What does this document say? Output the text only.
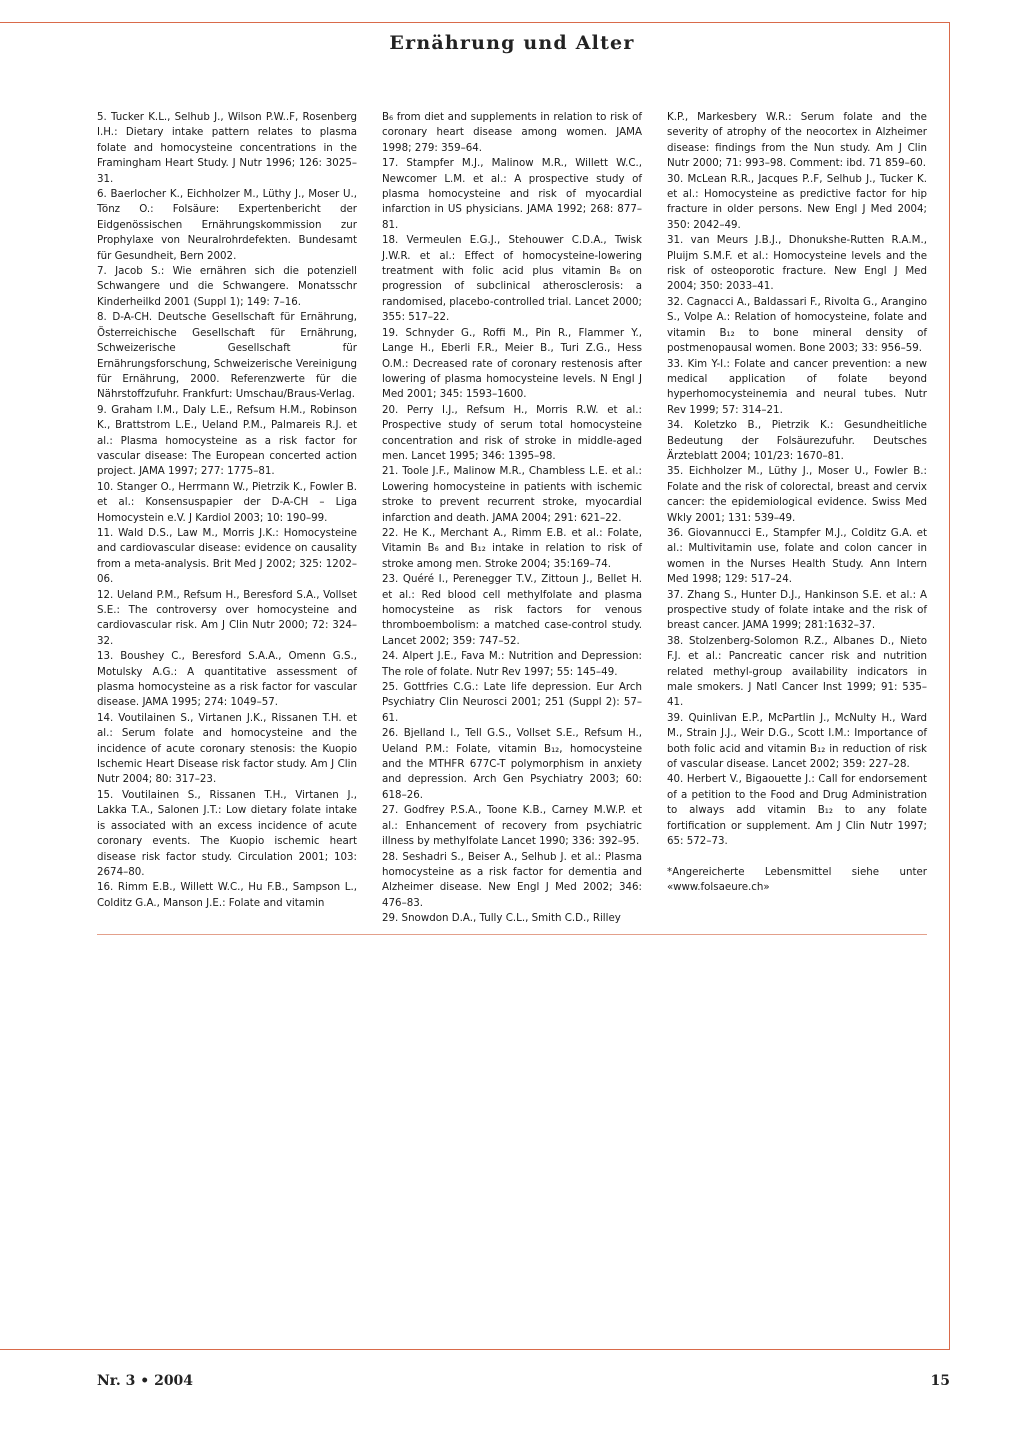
Ernährung und Alter

5. Tucker K.L., Selhub J., Wilson P.W..F, Rosenberg I.H.: Dietary intake pattern relates to plasma folate and homocysteine concentrations in the Framingham Heart Study. J Nutr 1996; 126: 3025–31.

6. Baerlocher K., Eichholzer M., Lüthy J., Moser U., Tönz O.: Folsäure: Expertenbericht der Eidgenössischen Ernährungskommission zur Prophylaxe von Neuralrohrdefekten. Bundesamt für Gesundheit, Bern 2002.

7. Jacob S.: Wie ernähren sich die potenziell Schwangere und die Schwangere. Monatsschr Kinderheilkd 2001 (Suppl 1); 149: 7–16.

8. D-A-CH. Deutsche Gesellschaft für Ernährung, Österreichische Gesellschaft für Ernährung, Schweizerische Gesellschaft für Ernährungsforschung, Schweizerische Vereinigung für Ernährung, 2000. Referenzwerte für die Nährstoffzufuhr. Frankfurt: Umschau/Braus-Verlag.

9. Graham I.M., Daly L.E., Refsum H.M., Robinson K., Brattstrom L.E., Ueland P.M., Palmareis R.J. et al.: Plasma homocysteine as a risk factor for vascular disease: The European concerted action project. JAMA 1997; 277: 1775–81.

10. Stanger O., Herrmann W., Pietrzik K., Fowler B. et al.: Konsensuspapier der D-A-CH – Liga Homocystein e.V. J Kardiol 2003; 10: 190–99.

11. Wald D.S., Law M., Morris J.K.: Homocysteine and cardiovascular disease: evidence on causality from a meta-analysis. Brit Med J 2002; 325: 1202–06.

12. Ueland P.M., Refsum H., Beresford S.A., Vollset S.E.: The controversy over homocysteine and cardiovascular risk. Am J Clin Nutr 2000; 72: 324–32.

13. Boushey C., Beresford S.A.A., Omenn G.S., Motulsky A.G.: A quantitative assessment of plasma homocysteine as a risk factor for vascular disease. JAMA 1995; 274: 1049–57.

14. Voutilainen S., Virtanen J.K., Rissanen T.H. et al.: Serum folate and homocysteine and the incidence of acute coronary stenosis: the Kuopio Ischemic Heart Disease risk factor study. Am J Clin Nutr 2004; 80: 317–23.

15. Voutilainen S., Rissanen T.H., Virtanen J., Lakka T.A., Salonen J.T.: Low dietary folate intake is associated with an excess incidence of acute coronary events. The Kuopio ischemic heart disease risk factor study. Circulation 2001; 103: 2674–80.

16. Rimm E.B., Willett W.C., Hu F.B., Sampson L., Colditz G.A., Manson J.E.: Folate and vitamin

B₆ from diet and supplements in relation to risk of coronary heart disease among women. JAMA 1998; 279: 359–64.

17. Stampfer M.J., Malinow M.R., Willett W.C., Newcomer L.M. et al.: A prospective study of plasma homocysteine and risk of myocardial infarction in US physicians. JAMA 1992; 268: 877–81.

18. Vermeulen E.G.J., Stehouwer C.D.A., Twisk J.W.R. et al.: Effect of homocysteine-lowering treatment with folic acid plus vitamin B₆ on progression of subclinical atherosclerosis: a randomised, placebo-controlled trial. Lancet 2000; 355: 517–22.

19. Schnyder G., Roffi M., Pin R., Flammer Y., Lange H., Eberli F.R., Meier B., Turi Z.G., Hess O.M.: Decreased rate of coronary restenosis after lowering of plasma homocysteine levels. N Engl J Med 2001; 345: 1593–1600.

20. Perry I.J., Refsum H., Morris R.W. et al.: Prospective study of serum total homocysteine concentration and risk of stroke in middle-aged men. Lancet 1995; 346: 1395–98.

21. Toole J.F., Malinow M.R., Chambless L.E. et al.: Lowering homocysteine in patients with ischemic stroke to prevent recurrent stroke, myocardial infarction and death. JAMA 2004; 291: 621–22.

22. He K., Merchant A., Rimm E.B. et al.: Folate, Vitamin B₆ and B₁₂ intake in relation to risk of stroke among men. Stroke 2004; 35:169–74.

23. Quéré I., Perenegger T.V., Zittoun J., Bellet H. et al.: Red blood cell methylfolate and plasma homocysteine as risk factors for venous thromboembolism: a matched case-control study. Lancet 2002; 359: 747–52.

24. Alpert J.E., Fava M.: Nutrition and Depression: The role of folate. Nutr Rev 1997; 55: 145–49.

25. Gottfries C.G.: Late life depression. Eur Arch Psychiatry Clin Neurosci 2001; 251 (Suppl 2): 57–61.

26. Bjelland I., Tell G.S., Vollset S.E., Refsum H., Ueland P.M.: Folate, vitamin B₁₂, homocysteine and the MTHFR 677C-T polymorphism in anxiety and depression. Arch Gen Psychiatry 2003; 60: 618–26.

27. Godfrey P.S.A., Toone K.B., Carney M.W.P. et al.: Enhancement of recovery from psychiatric illness by methylfolate Lancet 1990; 336: 392–95.

28. Seshadri S., Beiser A., Selhub J. et al.: Plasma homocysteine as a risk factor for dementia and Alzheimer disease. New Engl J Med 2002; 346: 476–83.

29. Snowdon D.A., Tully C.L., Smith C.D., Rilley

K.P., Markesbery W.R.: Serum folate and the severity of atrophy of the neocortex in Alzheimer disease: findings from the Nun study. Am J Clin Nutr 2000; 71: 993–98. Comment: ibd. 71 859–60.

30. McLean R.R., Jacques P..F, Selhub J., Tucker K. et al.: Homocysteine as predictive factor for hip fracture in older persons. New Engl J Med 2004; 350: 2042–49.

31. van Meurs J.B.J., Dhonukshe-Rutten R.A.M., Pluijm S.M.F. et al.: Homocysteine levels and the risk of osteoporotic fracture. New Engl J Med 2004; 350: 2033–41.

32. Cagnacci A., Baldassari F., Rivolta G., Arangino S., Volpe A.: Relation of homocysteine, folate and vitamin B₁₂ to bone mineral density of postmenopausal women. Bone 2003; 33: 956–59.

33. Kim Y-I.: Folate and cancer prevention: a new medical application of folate beyond hyperhomocysteinemia and neural tubes. Nutr Rev 1999; 57: 314–21.

34. Koletzko B., Pietrzik K.: Gesundheitliche Bedeutung der Folsäurezufuhr. Deutsches Ärzteblatt 2004; 101/23: 1670–81.

35. Eichholzer M., Lüthy J., Moser U., Fowler B.: Folate and the risk of colorectal, breast and cervix cancer: the epidemiological evidence. Swiss Med Wkly 2001; 131: 539–49.

36. Giovannucci E., Stampfer M.J., Colditz G.A. et al.: Multivitamin use, folate and colon cancer in women in the Nurses Health Study. Ann Intern Med 1998; 129: 517–24.

37. Zhang S., Hunter D.J., Hankinson S.E. et al.: A prospective study of folate intake and the risk of breast cancer. JAMA 1999; 281:1632–37.

38. Stolzenberg-Solomon R.Z., Albanes D., Nieto F.J. et al.: Pancreatic cancer risk and nutrition related methyl-group availability indicators in male smokers. J Natl Cancer Inst 1999; 91: 535–41.

39. Quinlivan E.P., McPartlin J., McNulty H., Ward M., Strain J.J., Weir D.G., Scott I.M.: Importance of both folic acid and vitamin B₁₂ in reduction of risk of vascular disease. Lancet 2002; 359: 227–28.

40. Herbert V., Bigaouette J.: Call for endorsement of a petition to the Food and Drug Administration to always add vitamin B₁₂ to any folate fortification or supplement. Am J Clin Nutr 1997; 65: 572–73.

*Angereicherte Lebensmittel siehe unter «www.folsaeure.ch»

Nr. 3 • 2004	15
